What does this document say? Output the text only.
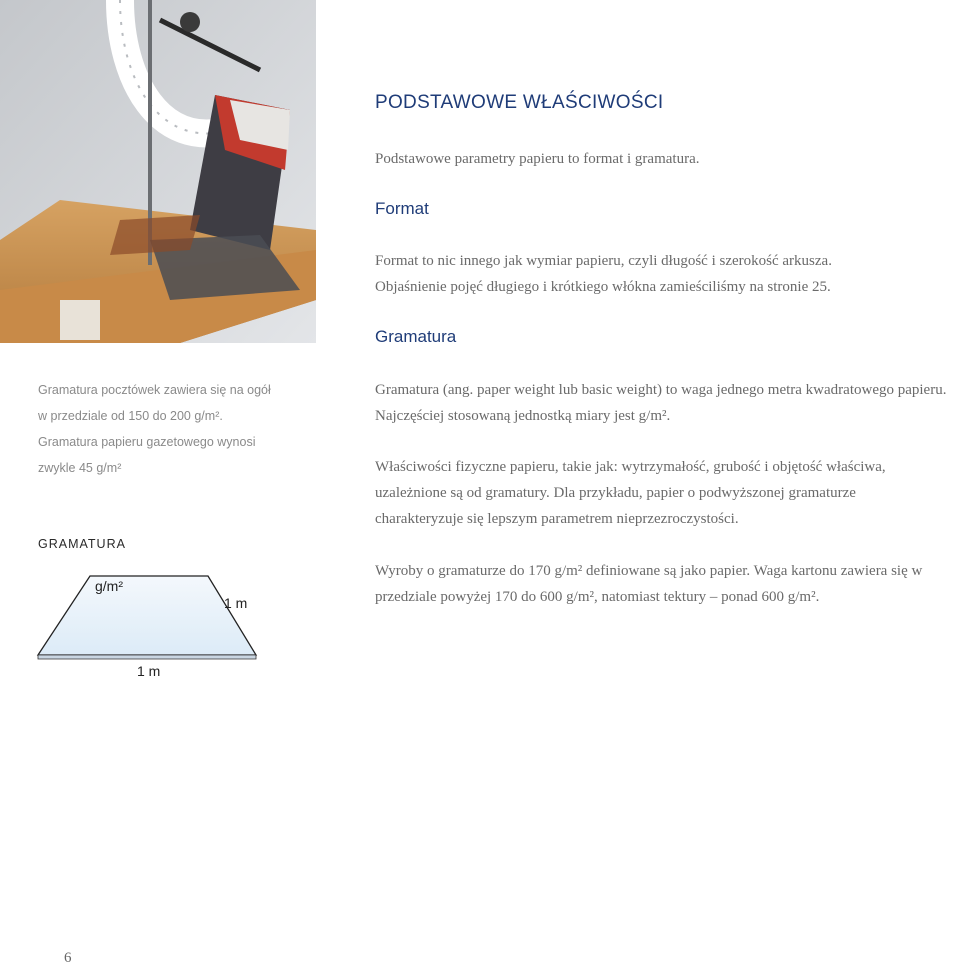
PODSTAWOWE WŁAŚCIWOŚCI

Podstawowe parametry papieru to format i gramatura.

Format

Format to nic innego jak wymiar papieru, czyli długość i szerokość arkusza. Objaśnienie pojęć długiego i krótkiego włókna zamieściliśmy na stronie 25.

Gramatura

Gramatura (ang. paper weight lub basic weight) to waga jednego metra kwadratowego papieru. Najczęściej stosowaną jednostką miary jest g/m².

Właściwości fizyczne papieru, takie jak: wytrzymałość, grubość i objętość właściwa, uzależnione są od gramatury. Dla przykładu, papier o podwyższonej gramaturze charakteryzuje się lepszym parametrem nieprzezroczystości.

Wyroby o gramaturze do 170 g/m² definiowane są jako papier. Waga kartonu zawiera się w przedziale powyżej 170 do 600 g/m², natomiast tektury – ponad 600 g/m².

Gramatura pocztówek zawiera się na ogół
w przedziale od 150 do 200 g/m².
Gramatura papieru gazetowego wynosi
zwykle 45 g/m²

GRAMATURA
g/m²
1 m
1 m
6
